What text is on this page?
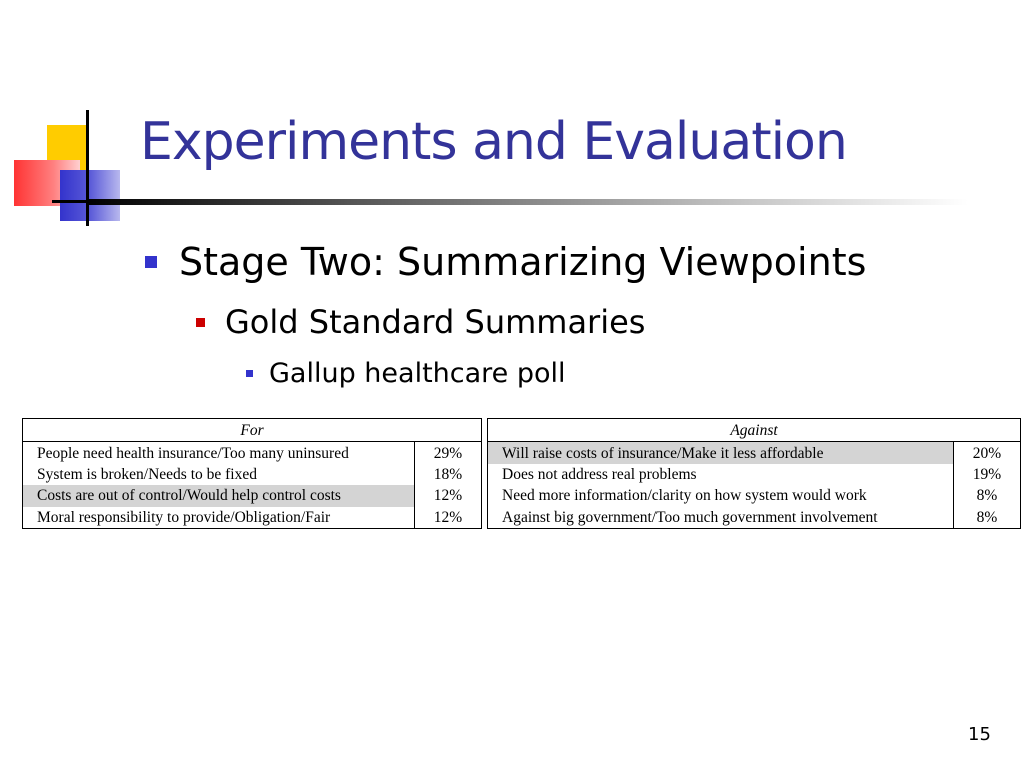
Experiments and Evaluation
Stage Two: Summarizing Viewpoints
Gold Standard Summaries
Gallup healthcare poll
For	
People need health insurance/Too many uninsured	29%
System is broken/Needs to be fixed	18%
Costs are out of control/Would help control costs	12%
Moral responsibility to provide/Obligation/Fair	12%
Against	
Will raise costs of insurance/Make it less affordable	20%
Does not address real problems	19%
Need more information/clarity on how system would work	8%
Against big government/Too much government involvement	8%
15
